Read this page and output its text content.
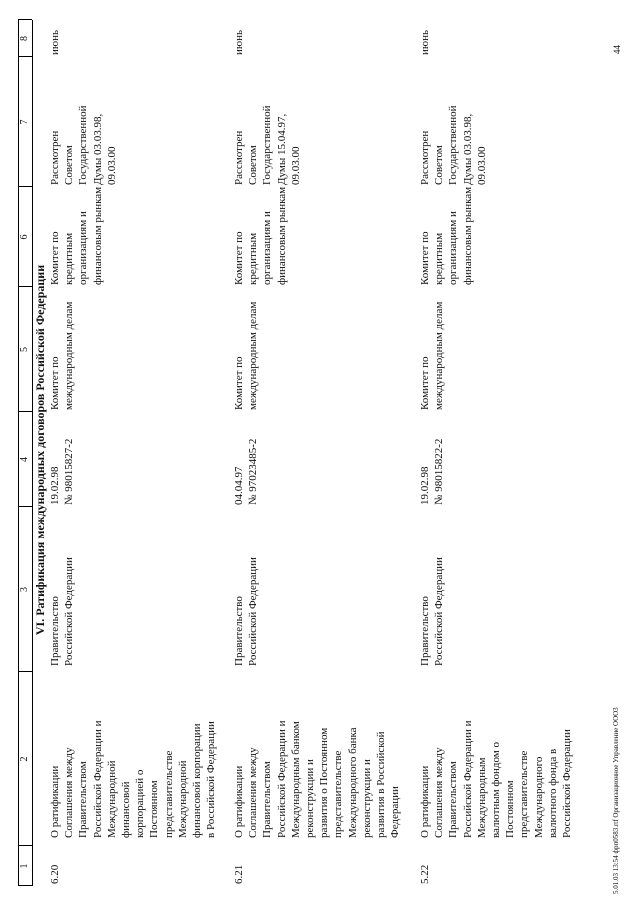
1
2
3
4
5
6
7
8
VI. Ратификация международных договоров Российской Федерации
6.20
О ратификации
Соглашения между
Правительством
Российской Федерации и
Международной
финансовой
корпорацией о
Постоянном
представительстве
Международной
финансовой корпорации
в Российской Федерации
Правительство
Российской Федерации
19.02.98
№ 98015827-2
Комитет по
международным делам
Комитет по
кредитным
организациям и
финансовым рынкам
Рассмотрен
Советом
Государственной
Думы 03.03.98,
09.03.00
июнь
6.21
О ратификации
Соглашения между
Правительством
Российской Федерации и
Международным банком
реконструкции и
развития о Постоянном
представительстве
Международного банка
реконструкции и
развития в Российской
Федерации
Правительство
Российской Федерации
04.04.97
№ 97023485-2
Комитет по
международным делам
Комитет по
кредитным
организациям и
финансовым рынкам
Рассмотрен
Советом
Государственной
Думы 15.04.97,
09.03.00
июнь
5.22
О ратификации
Соглашения между
Правительством
Российской Федерации и
Международным
валютным фондом о
Постоянном
представительстве
Международного
валютного фонда в
Российской Федерации
Правительство
Российской Федерации
19.02.98
№ 98015822-2
Комитет по
международным делам
Комитет по
кредитным
организациям и
финансовым рынкам
Рассмотрен
Советом
Государственной
Думы 03.03.98,
09.03.00
июнь
5.01.03 13:54 фрп0583.rtf Организационное Управление ООО3
44
